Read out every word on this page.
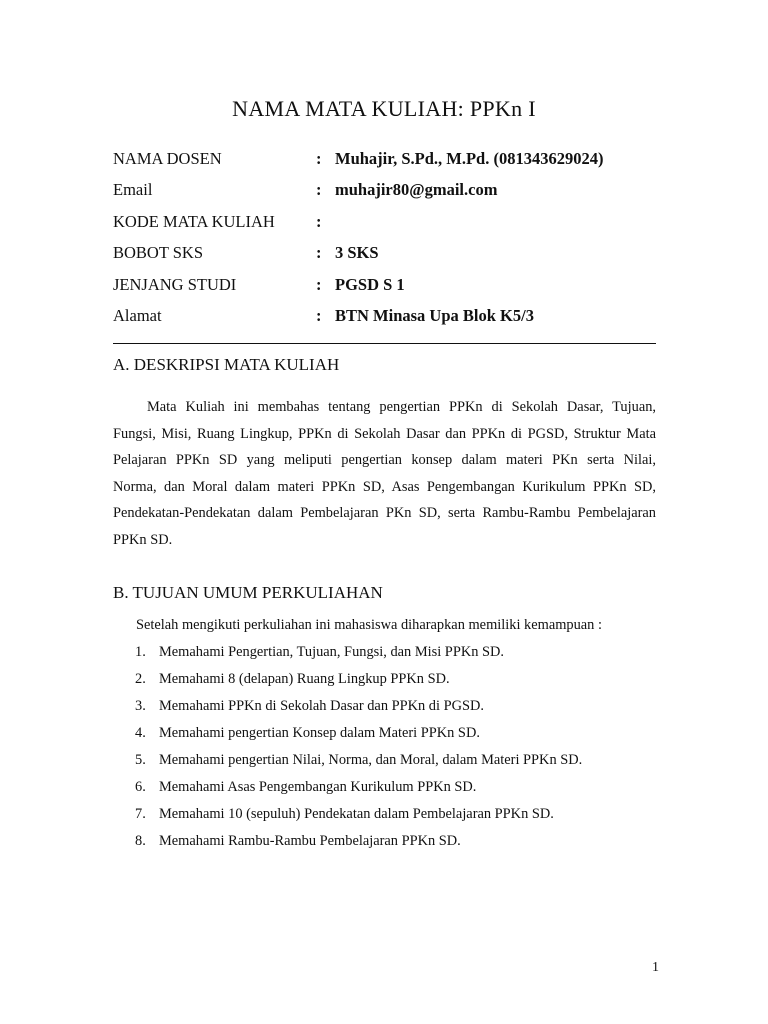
NAMA MATA KULIAH: PPKn I
NAMA DOSEN	: Muhajir, S.Pd., M.Pd. (081343629024)
Email	: muhajir80@gmail.com
KODE MATA KULIAH :
BOBOT SKS	: 3 SKS
JENJANG STUDI	: PGSD S 1
Alamat	: BTN Minasa Upa Blok K5/3
A. DESKRIPSI MATA KULIAH
Mata Kuliah ini membahas tentang pengertian PPKn di Sekolah Dasar, Tujuan,
Fungsi, Misi, Ruang Lingkup, PPKn di Sekolah Dasar dan PPKn di PGSD, Struktur Mata
Pelajaran PPKn SD yang meliputi pengertian konsep dalam materi PKn serta Nilai,
Norma, dan Moral dalam materi PPKn SD, Asas Pengembangan Kurikulum PPKn SD,
Pendekatan-Pendekatan dalam Pembelajaran PKn SD, serta Rambu-Rambu Pembelajaran
PPKn SD.
B. TUJUAN UMUM PERKULIAHAN
Setelah mengikuti perkuliahan ini mahasiswa diharapkan memiliki kemampuan :
1. Memahami Pengertian, Tujuan, Fungsi, dan Misi PPKn SD.
2. Memahami 8 (delapan) Ruang Lingkup PPKn SD.
3. Memahami PPKn di Sekolah Dasar dan PPKn di PGSD.
4. Memahami pengertian Konsep dalam Materi PPKn SD.
5. Memahami pengertian Nilai, Norma, dan Moral, dalam Materi PPKn SD.
6. Memahami Asas Pengembangan Kurikulum PPKn SD.
7. Memahami 10 (sepuluh) Pendekatan dalam Pembelajaran PPKn SD.
8. Memahami Rambu-Rambu Pembelajaran PPKn SD.
1
